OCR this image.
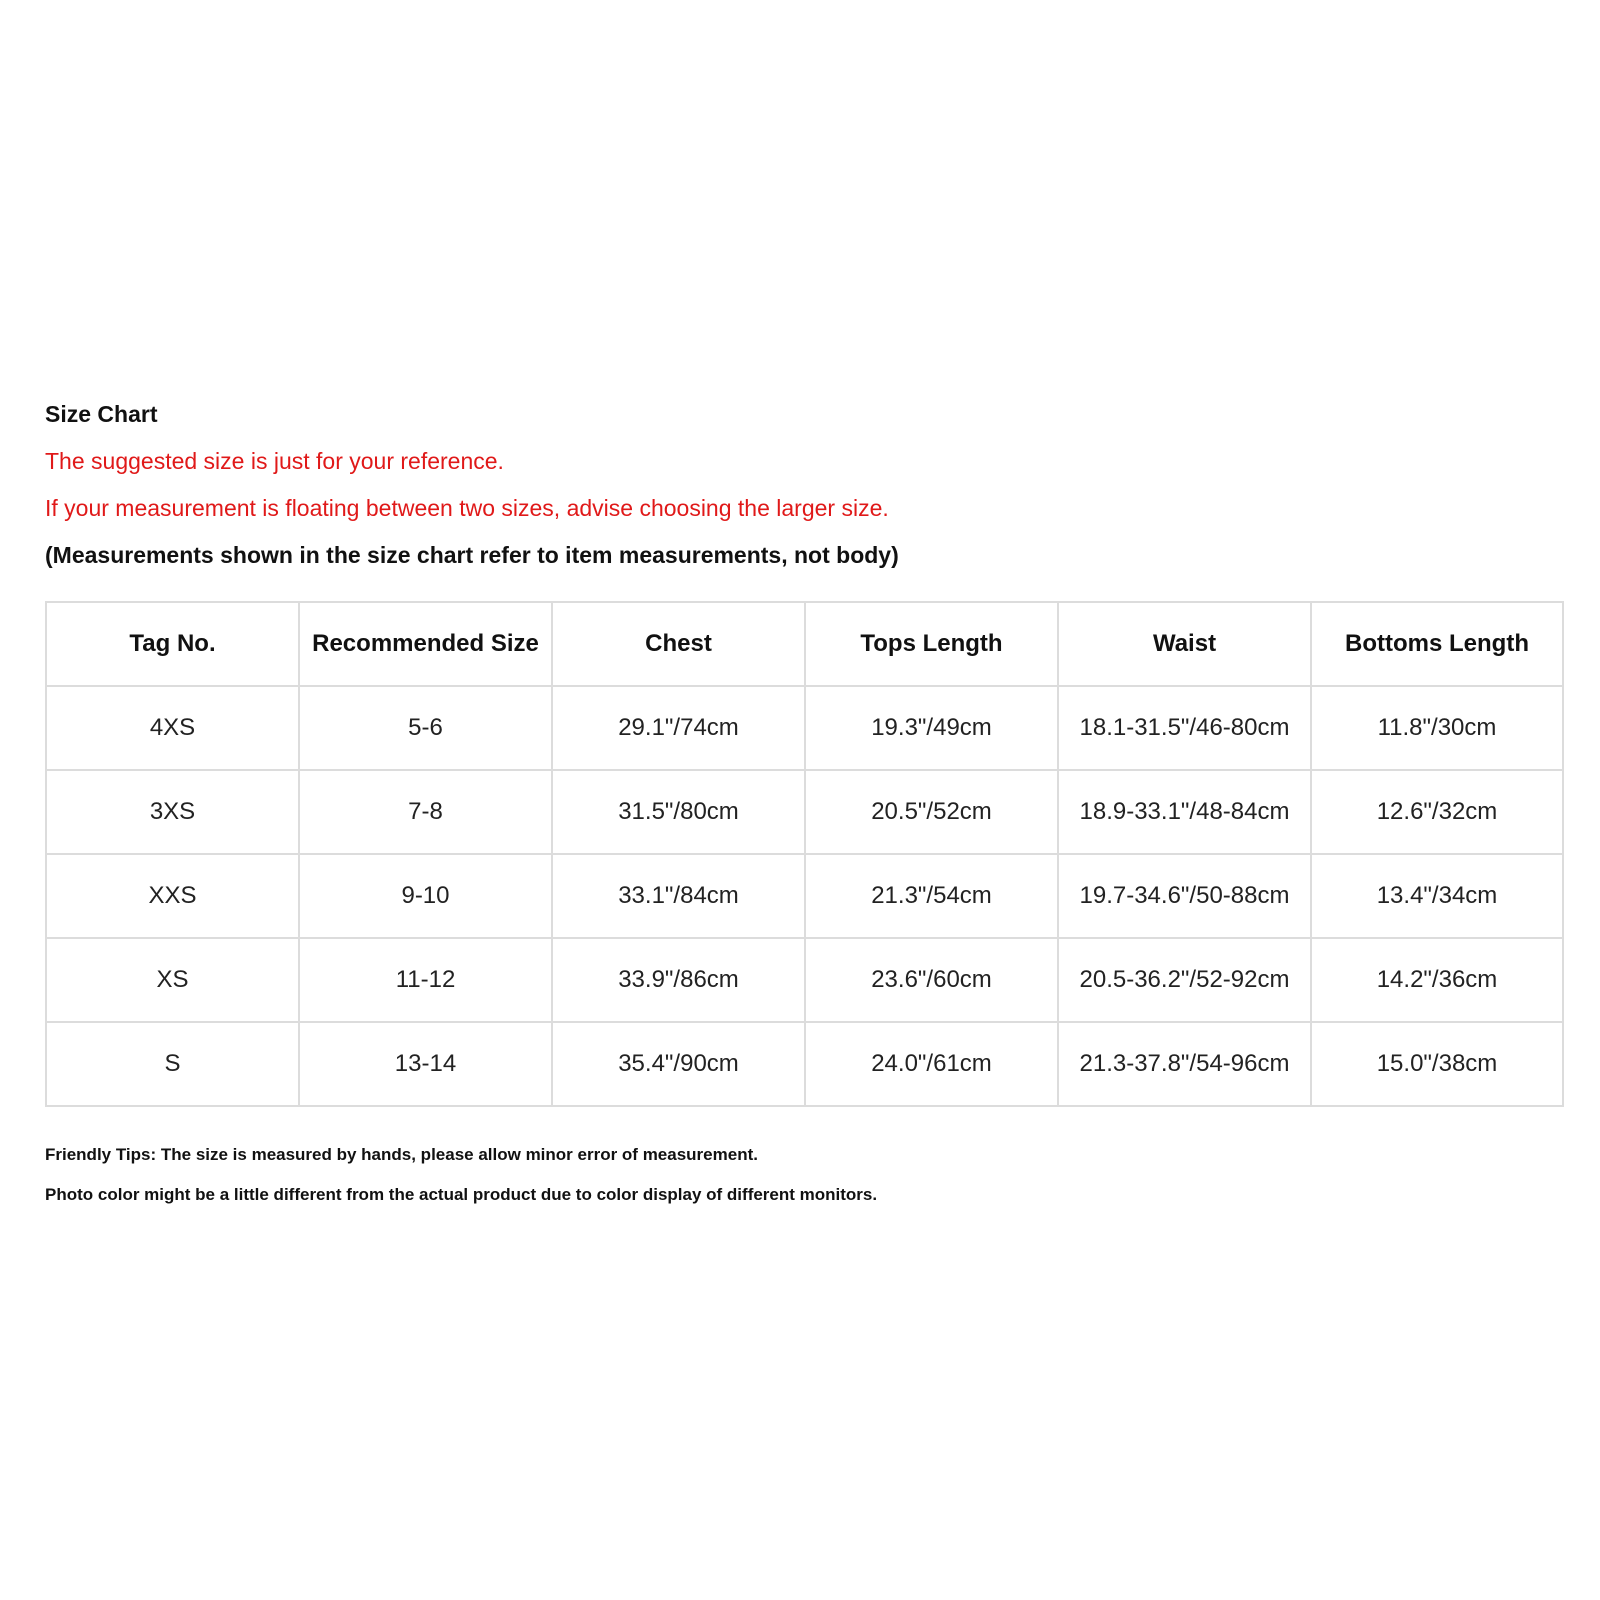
Size Chart
The suggested size is just for your reference.
If your measurement is floating between two sizes, advise choosing the larger size.
(Measurements shown in the size chart refer to item measurements, not body)
Tag No.	Recommended Size	Chest	Tops Length	Waist	Bottoms Length
4XS	5-6	29.1"/74cm	19.3"/49cm	18.1-31.5"/46-80cm	11.8"/30cm
3XS	7-8	31.5"/80cm	20.5"/52cm	18.9-33.1"/48-84cm	12.6"/32cm
XXS	9-10	33.1"/84cm	21.3"/54cm	19.7-34.6"/50-88cm	13.4"/34cm
XS	11-12	33.9"/86cm	23.6"/60cm	20.5-36.2"/52-92cm	14.2"/36cm
S	13-14	35.4"/90cm	24.0"/61cm	21.3-37.8"/54-96cm	15.0"/38cm
Friendly Tips: The size is measured by hands, please allow minor error of measurement.
Photo color might be a little different from the actual product due to color display of different monitors.
